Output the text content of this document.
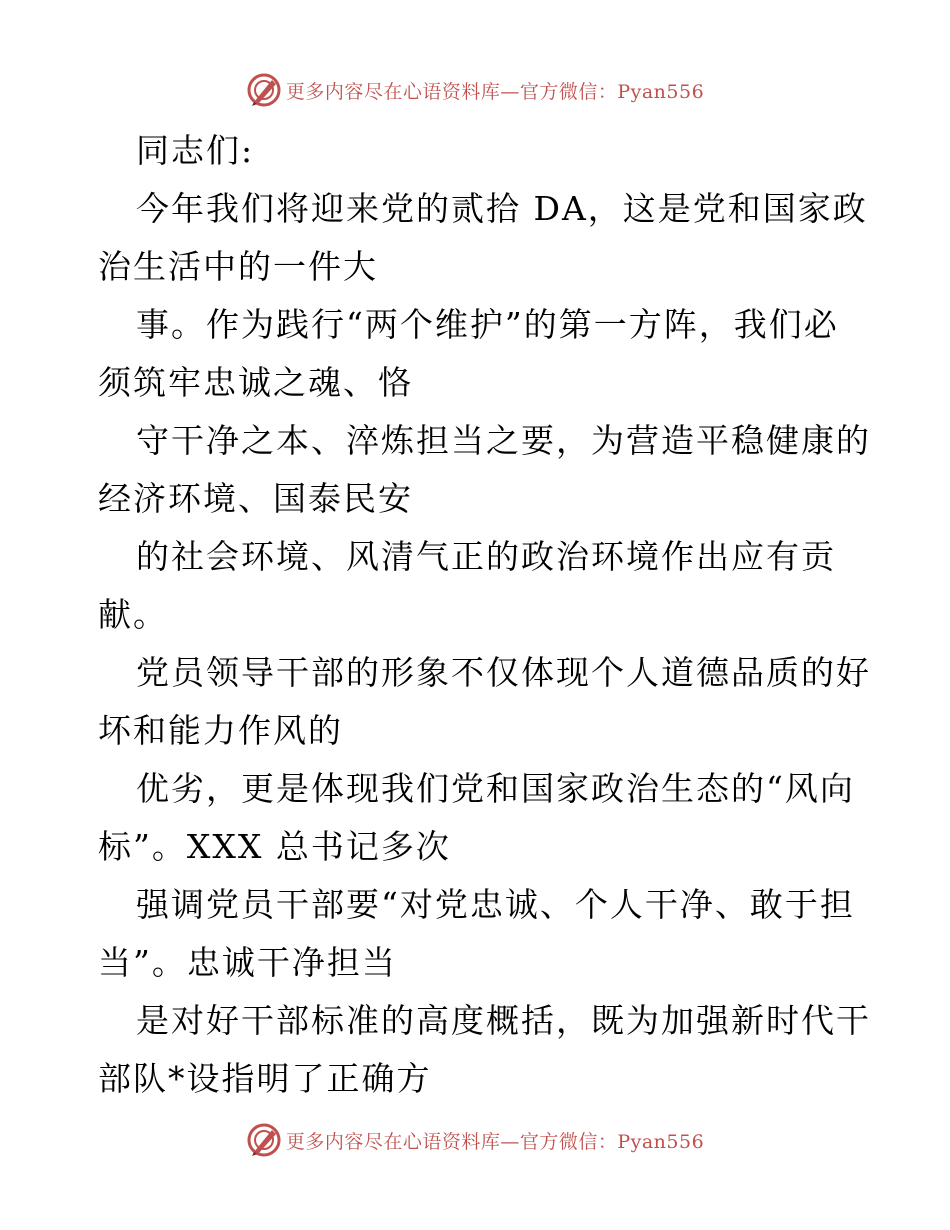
更多内容尽在心语资料库—官方微信：Pyan556
同志们:
今年我们将迎来党的贰拾 DA，这是党和国家政
治生活中的一件大
事。作为践行“两个维护”的第一方阵，我们必
须筑牢忠诚之魂、恪
守干净之本、淬炼担当之要，为营造平稳健康的
经济环境、国泰民安
的社会环境、风清气正的政治环境作出应有贡
献。
党员领导干部的形象不仅体现个人道德品质的好
坏和能力作风的
优劣，更是体现我们党和国家政治生态的“风向
标”。XXX 总书记多次
强调党员干部要“对党忠诚、个人干净、敢于担
当”。忠诚干净担当
是对好干部标准的高度概括，既为加强新时代干
部队*设指明了正确方
更多内容尽在心语资料库—官方微信：Pyan556
